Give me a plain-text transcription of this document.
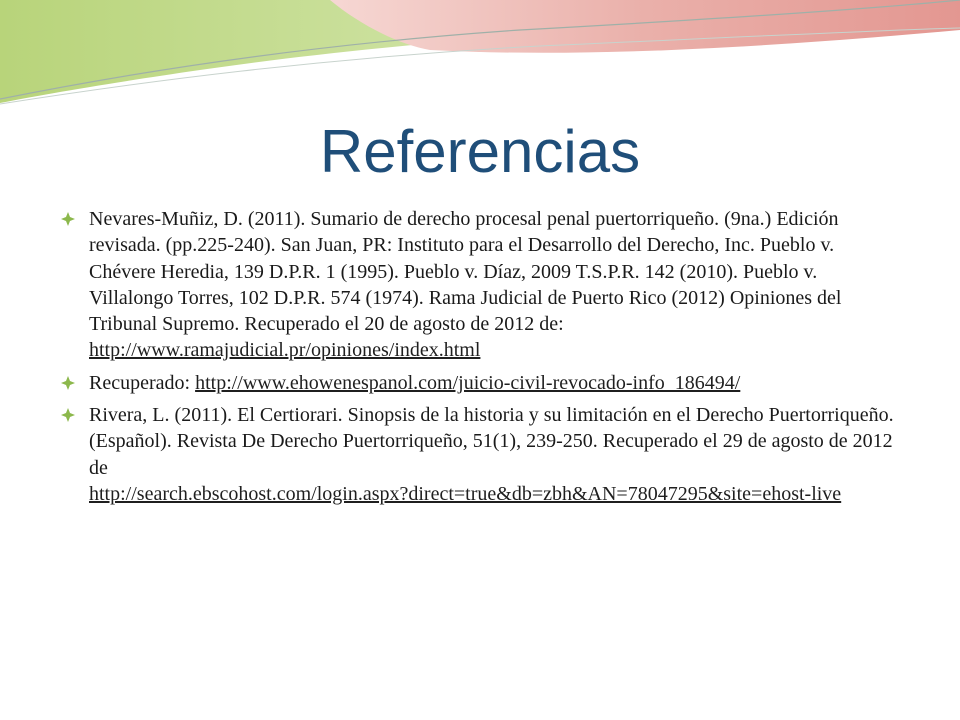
Referencias
Nevares-Muñiz, D. (2011). Sumario de derecho procesal penal puertorriqueño. (9na.) Edición revisada. (pp.225-240). San Juan, PR: Instituto para el Desarrollo del Derecho, Inc. Pueblo v. Chévere Heredia, 139 D.P.R. 1 (1995). Pueblo v. Díaz, 2009 T.S.P.R. 142 (2010). Pueblo v. Villalongo Torres, 102 D.P.R. 574 (1974). Rama Judicial de Puerto Rico (2012) Opiniones del Tribunal Supremo. Recuperado el 20 de agosto de 2012 de:
http://www.ramajudicial.pr/opiniones/index.html
Recuperado: http://www.ehowenespanol.com/juicio-civil-revocado-info_186494/
Rivera, L. (2011). El Certiorari. Sinopsis de la historia y su limitación en el Derecho Puertorriqueño. (Español). Revista De Derecho Puertorriqueño, 51(1), 239-250. Recuperado el 29 de agosto de 2012 de
http://search.ebscohost.com/login.aspx?direct=true&db=zbh&AN=78047295&site=ehost-live
